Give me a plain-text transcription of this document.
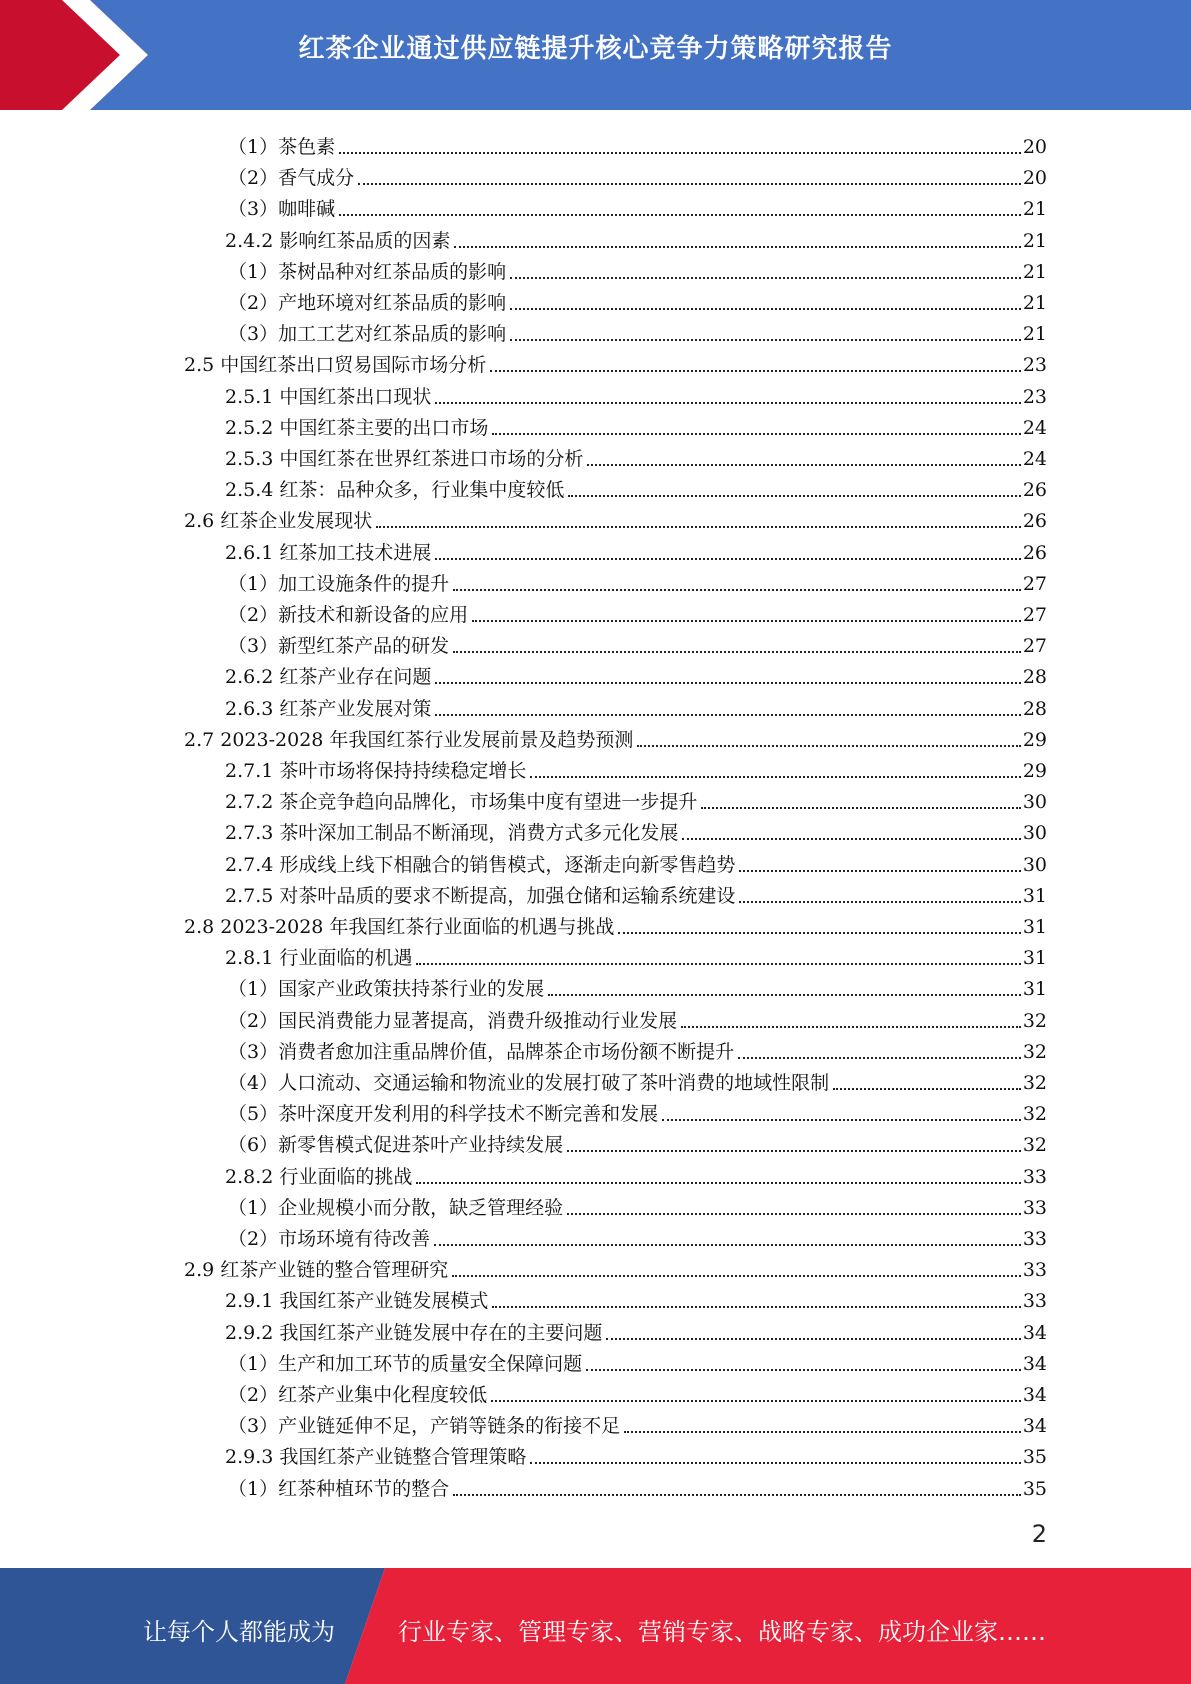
红茶企业通过供应链提升核心竞争力策略研究报告
（1）茶色素	20
（2）香气成分	20
（3）咖啡碱	21
2.4.2 影响红茶品质的因素	21
（1）茶树品种对红茶品质的影响	21
（2）产地环境对红茶品质的影响	21
（3）加工工艺对红茶品质的影响	21
2.5 中国红茶出口贸易国际市场分析	23
2.5.1 中国红茶出口现状	23
2.5.2 中国红茶主要的出口市场	24
2.5.3 中国红茶在世界红茶进口市场的分析	24
2.5.4 红茶：品种众多，行业集中度较低	26
2.6 红茶企业发展现状	26
2.6.1 红茶加工技术进展	26
（1）加工设施条件的提升	27
（2）新技术和新设备的应用	27
（3）新型红茶产品的研发	27
2.6.2 红茶产业存在问题	28
2.6.3 红茶产业发展对策	28
2.7 2023-2028 年我国红茶行业发展前景及趋势预测	29
2.7.1 茶叶市场将保持持续稳定增长	29
2.7.2 茶企竞争趋向品牌化，市场集中度有望进一步提升	30
2.7.3 茶叶深加工制品不断涌现，消费方式多元化发展	30
2.7.4 形成线上线下相融合的销售模式，逐渐走向新零售趋势	30
2.7.5 对茶叶品质的要求不断提高，加强仓储和运输系统建设	31
2.8 2023-2028 年我国红茶行业面临的机遇与挑战	31
2.8.1 行业面临的机遇	31
（1）国家产业政策扶持茶行业的发展	31
（2）国民消费能力显著提高，消费升级推动行业发展	32
（3）消费者愈加注重品牌价值，品牌茶企市场份额不断提升	32
（4）人口流动、交通运输和物流业的发展打破了茶叶消费的地域性限制	32
（5）茶叶深度开发利用的科学技术不断完善和发展	32
（6）新零售模式促进茶叶产业持续发展	32
2.8.2 行业面临的挑战	33
（1）企业规模小而分散，缺乏管理经验	33
（2）市场环境有待改善	33
2.9 红茶产业链的整合管理研究	33
2.9.1 我国红茶产业链发展模式	33
2.9.2 我国红茶产业链发展中存在的主要问题	34
（1）生产和加工环节的质量安全保障问题	34
（2）红茶产业集中化程度较低	34
（3）产业链延伸不足，产销等链条的衔接不足	34
2.9.3 我国红茶产业链整合管理策略	35
（1）红茶种植环节的整合	35
2
让每个人都能成为	行业专家、管理专家、营销专家、战略专家、成功企业家……
